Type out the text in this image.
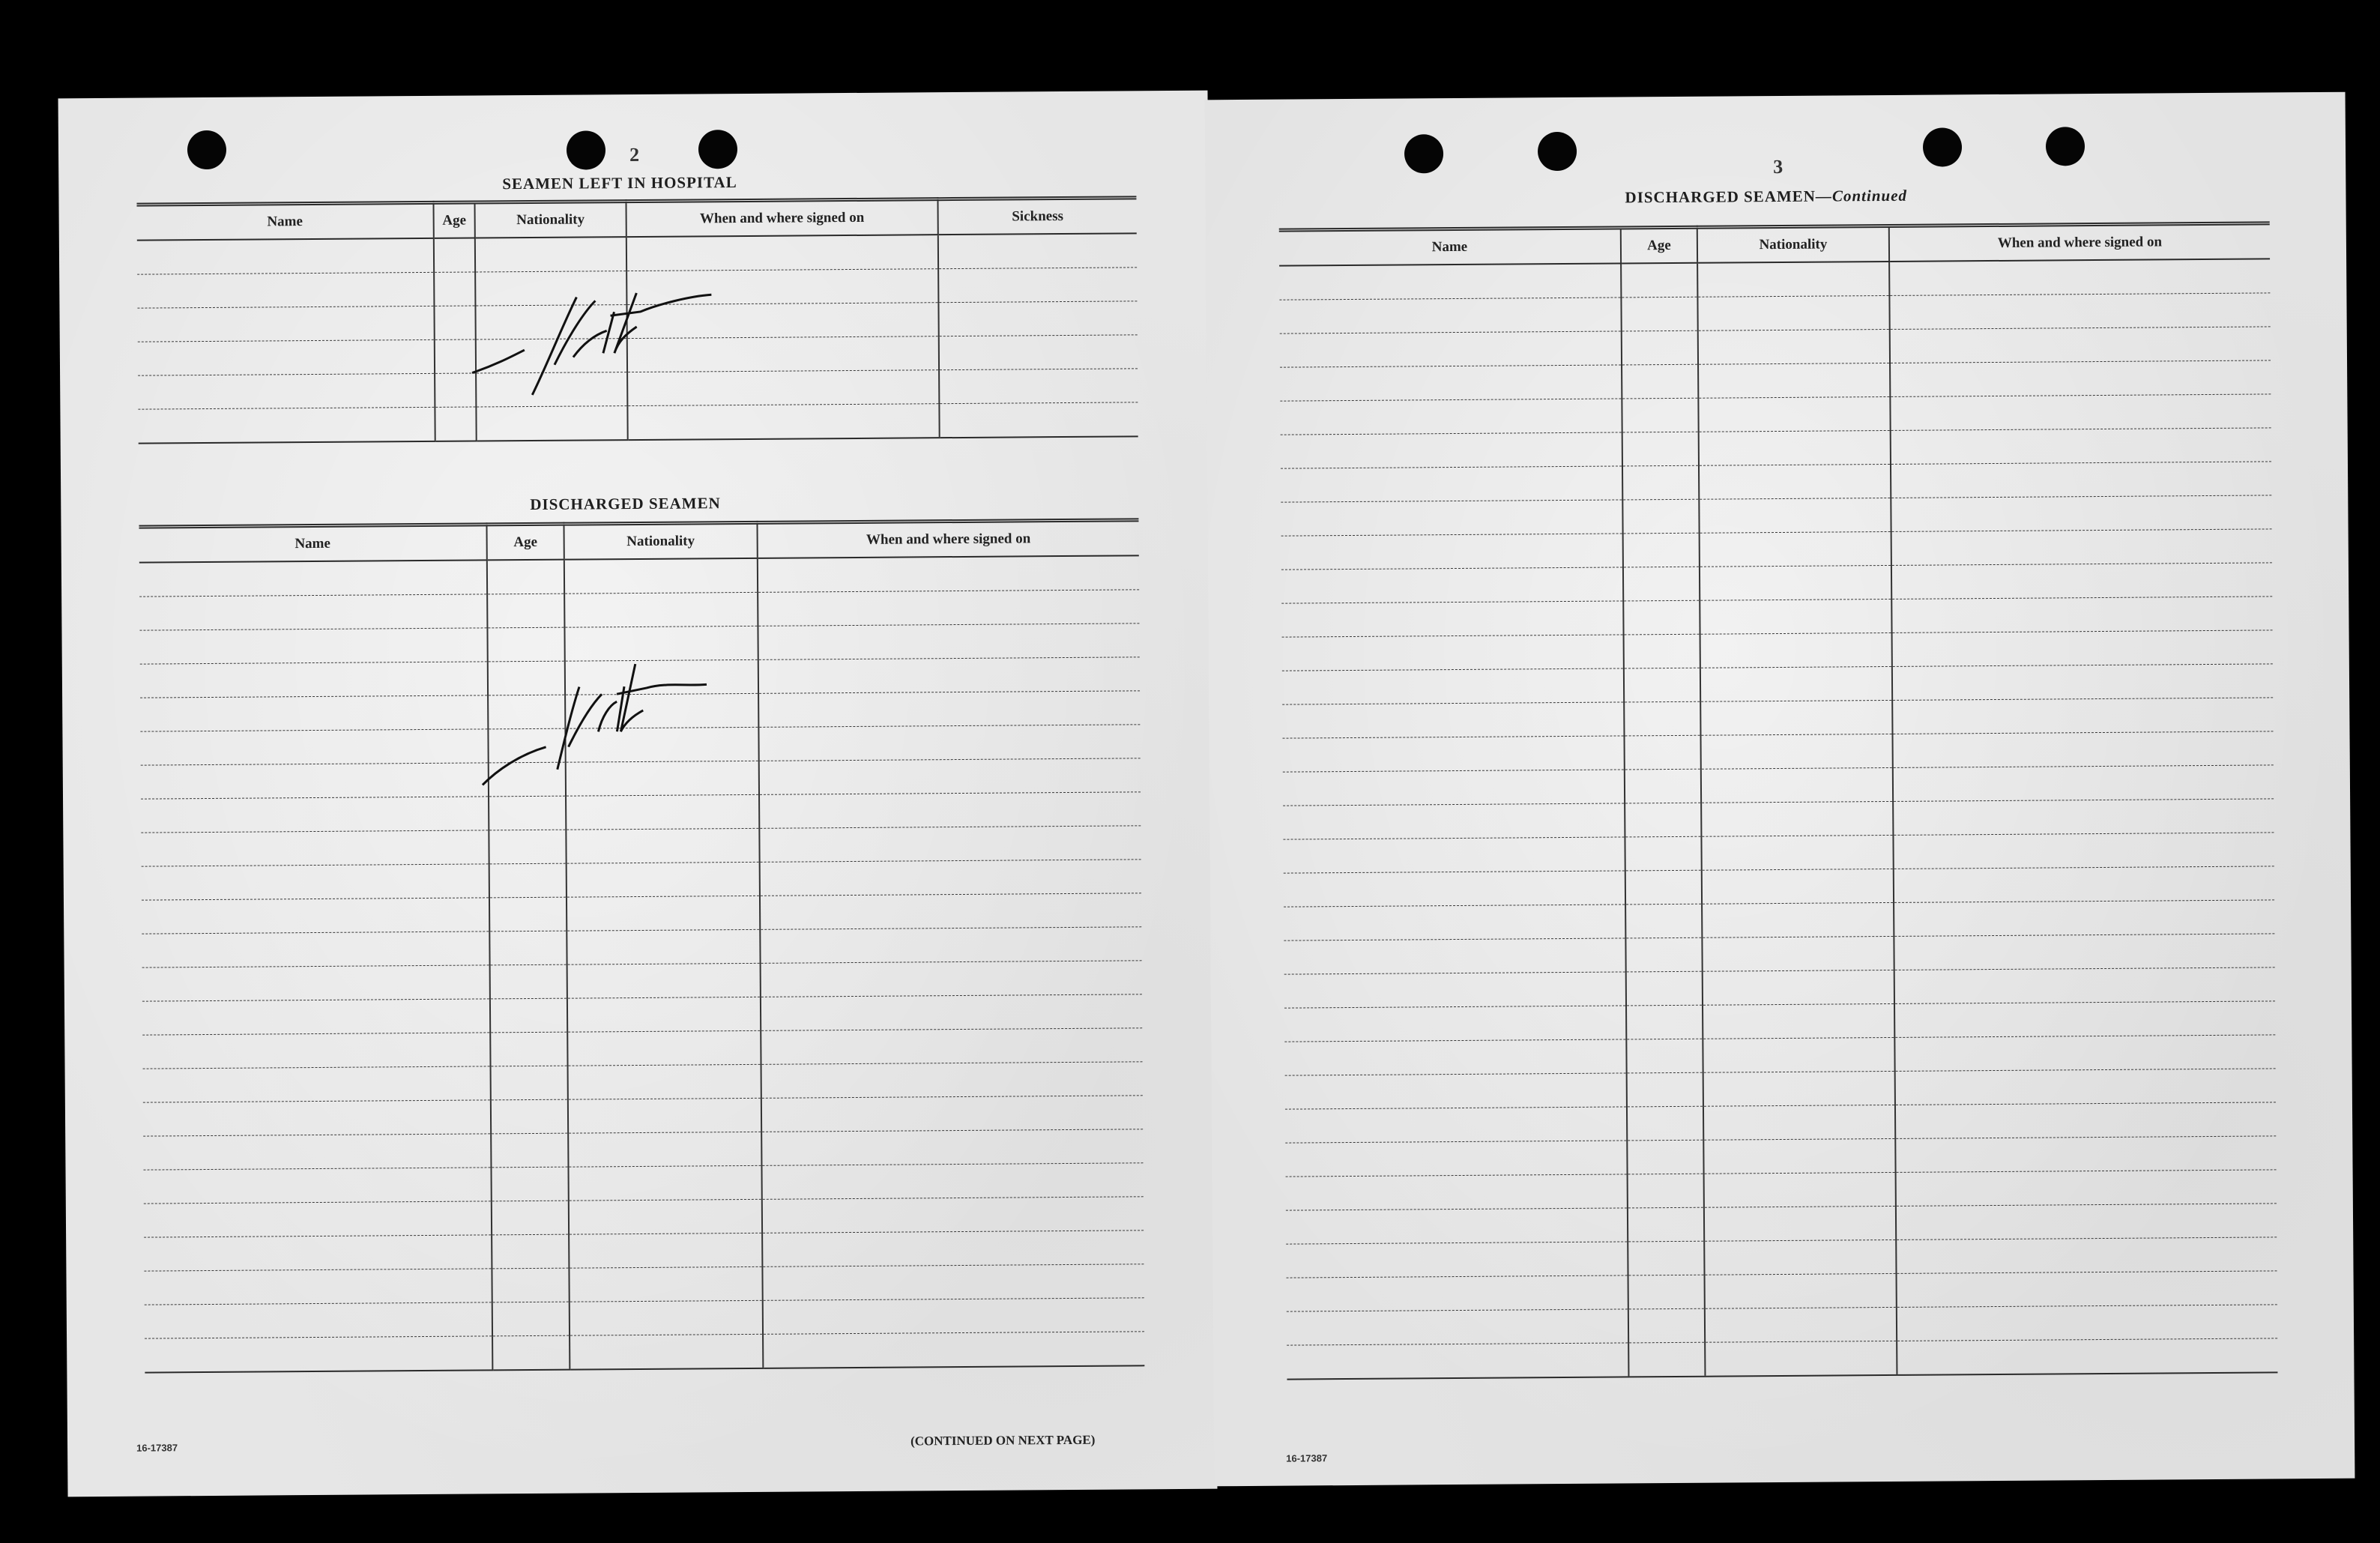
2
SEAMEN LEFT IN HOSPITAL
Name	Age	Nationality	When and where signed on	Sickness

Nil
DISCHARGED SEAMEN
Name	Age	Nationality	When and where signed on

Nil
16-17387	(CONTINUED ON NEXT PAGE)
3
DISCHARGED SEAMEN—Continued
Name	Age	Nationality	When and where signed on

16-17387
